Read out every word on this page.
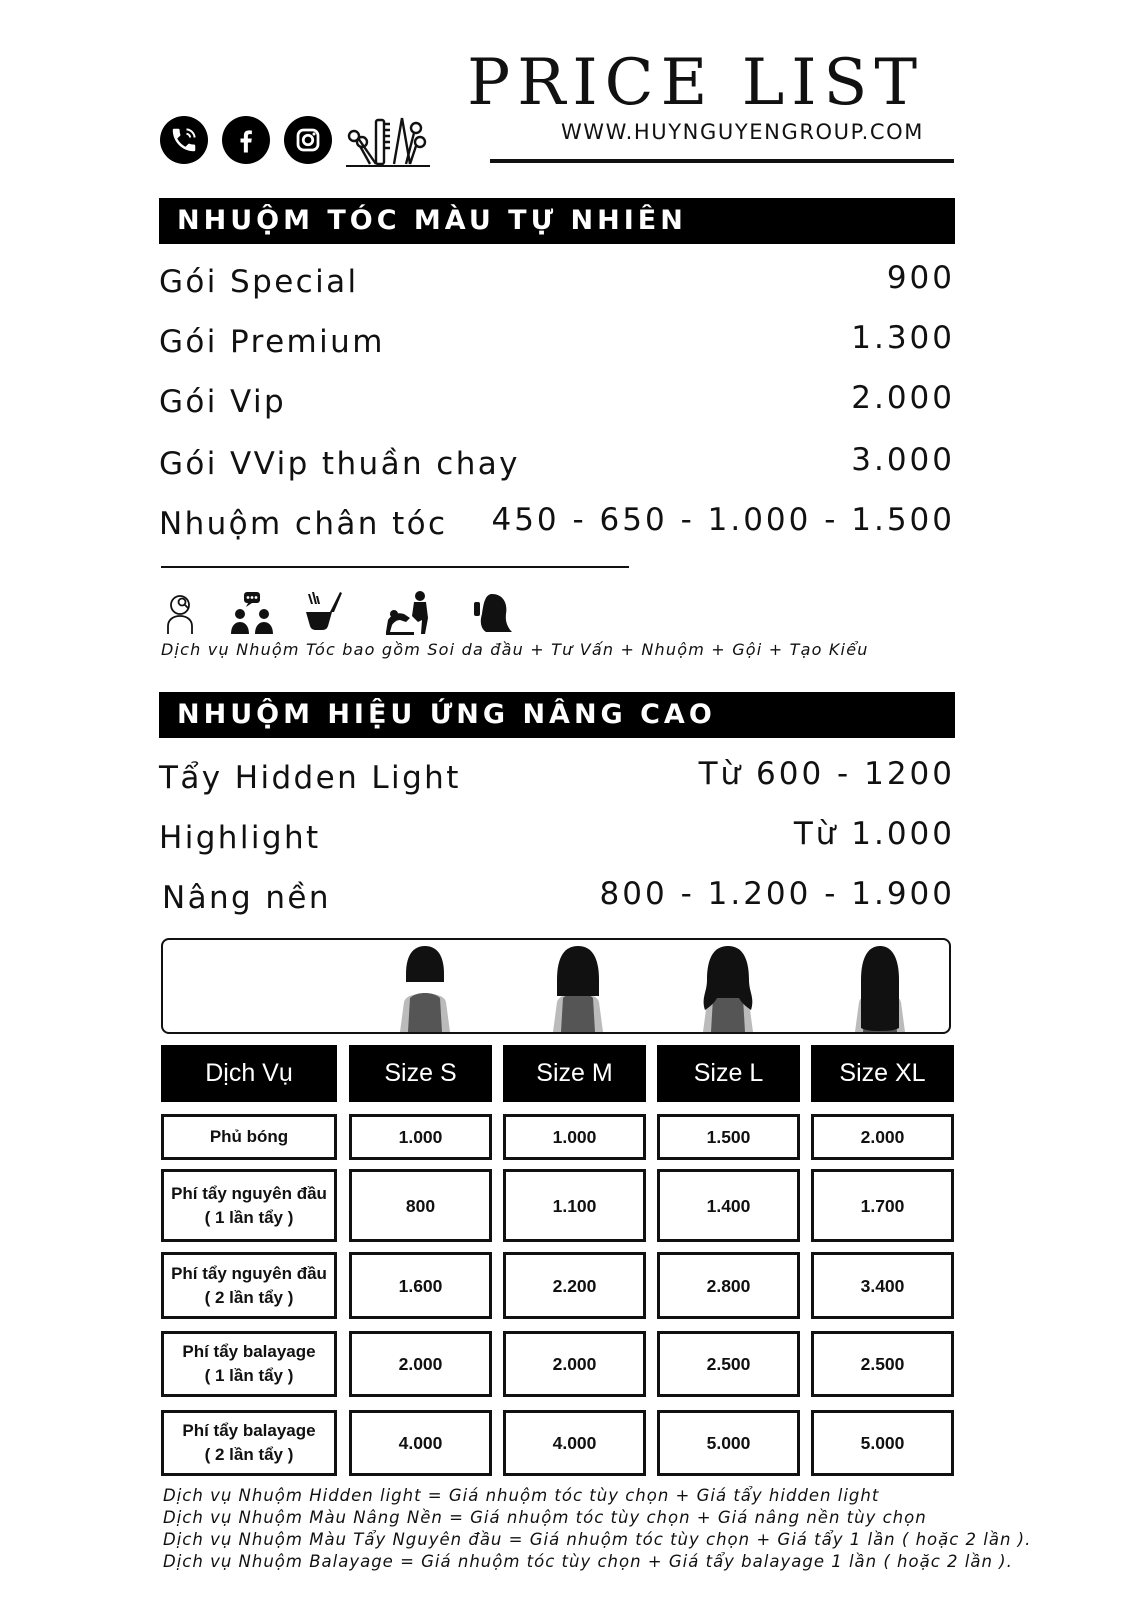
PRICE LIST
WWW.HUYNGUYENGROUP.COM
NHUỘM TÓC MÀU TỰ NHIÊN
Gói Special	900
Gói Premium	1.300
Gói Vip	2.000
Gói VVip thuần chay	3.000
Nhuộm chân tóc 450 - 650 - 1.000 - 1.500
Dịch vụ Nhuộm Tóc bao gồm Soi da đầu + Tư Vấn + Nhuộm + Gội + Tạo Kiểu
NHUỘM HIỆU ỨNG NÂNG CAO
Tẩy Hidden Light	Từ 600 - 1200
Highlight	Từ 1.000
Nâng nền	800 - 1.200 - 1.900
Dịch Vụ	Size S	Size M	Size L	Size XL
Phủ bóng	1.000	1.000	1.500	2.000
Phí tẩy nguyên đầu
( 1 lần tẩy )
800	1.100	1.400	1.700
Phí tẩy nguyên đầu
( 2 lần tẩy )
1.600	2.200	2.800	3.400
Phí tẩy balayage
( 1 lần tẩy )
2.000	2.000	2.500	2.500
Phí tẩy balayage
( 2 lần tẩy )
4.000	4.000	5.000	5.000
Dịch vụ Nhuộm Hidden light = Giá nhuộm tóc tùy chọn + Giá tẩy hidden light
Dịch vụ Nhuộm Màu Nâng Nền = Giá nhuộm tóc tùy chọn + Giá nâng nền tùy chọn
Dịch vụ Nhuộm Màu Tẩy Nguyên đầu = Giá nhuộm tóc tùy chọn + Giá tẩy 1 lần ( hoặc 2 lần ).
Dịch vụ Nhuộm Balayage = Giá nhuộm tóc tùy chọn + Giá tẩy balayage 1 lần ( hoặc 2 lần ).
